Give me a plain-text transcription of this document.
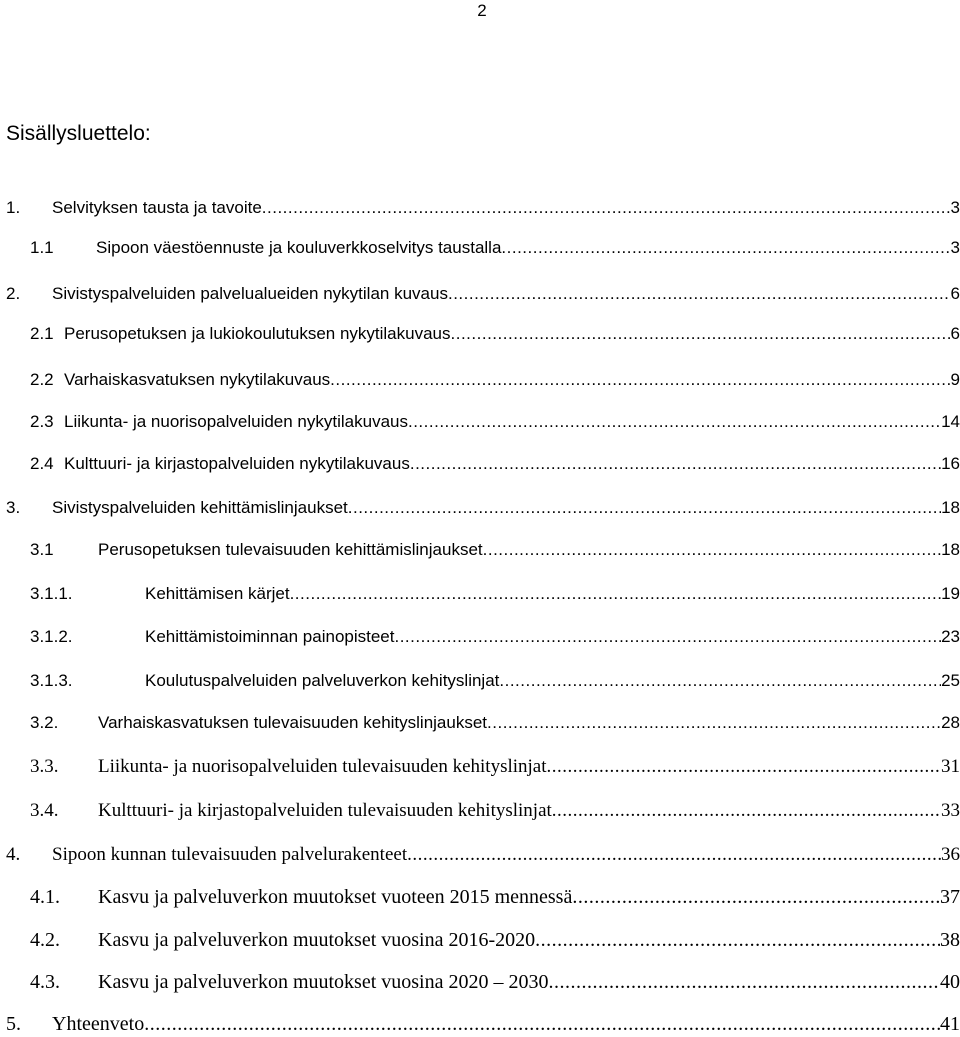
2
Sisällysluettelo:
1. Selvityksen tausta ja tavoite .....	3
1.1 Sipoon väestöennuste ja kouluverkkoselvitys taustalla .....	3
2. Sivistyspalveluiden palvelualueiden nykytilan kuvaus .....	6
2.1 Perusopetuksen ja lukiokoulutuksen nykytilakuvaus .....	6
2.2 Varhaiskasvatuksen nykytilakuvaus .....	9
2.3 Liikunta- ja nuorisopalveluiden nykytilakuvaus .....	14
2.4 Kulttuuri- ja kirjastopalveluiden nykytilakuvaus .....	16
3. Sivistyspalveluiden kehittämislinjaukset .....	18
3.1	Perusopetuksen tulevaisuuden kehittämislinjaukset .....	18
3.1.1.	Kehittämisen kärjet .....	19
3.1.2.	Kehittämistoiminnan painopisteet .....	23
3.1.3.	Koulutuspalveluiden palveluverkon kehityslinjat .....	25
3.2. Varhaiskasvatuksen tulevaisuuden kehityslinjaukset .....	28
3.3. Liikunta- ja nuorisopalveluiden tulevaisuuden kehityslinjat .....	31
3.4. Kulttuuri- ja kirjastopalveluiden tulevaisuuden kehityslinjat .....	33
4. Sipoon kunnan tulevaisuuden palvelurakenteet .....	36
4.1. Kasvu ja palveluverkon muutokset vuoteen 2015 mennessä .....	37
4.2. Kasvu ja palveluverkon muutokset vuosina 2016-2020 .....	38
4.3. Kasvu ja palveluverkon muutokset vuosina 2020 – 2030 .....	40
5. Yhteenveto .....	41
